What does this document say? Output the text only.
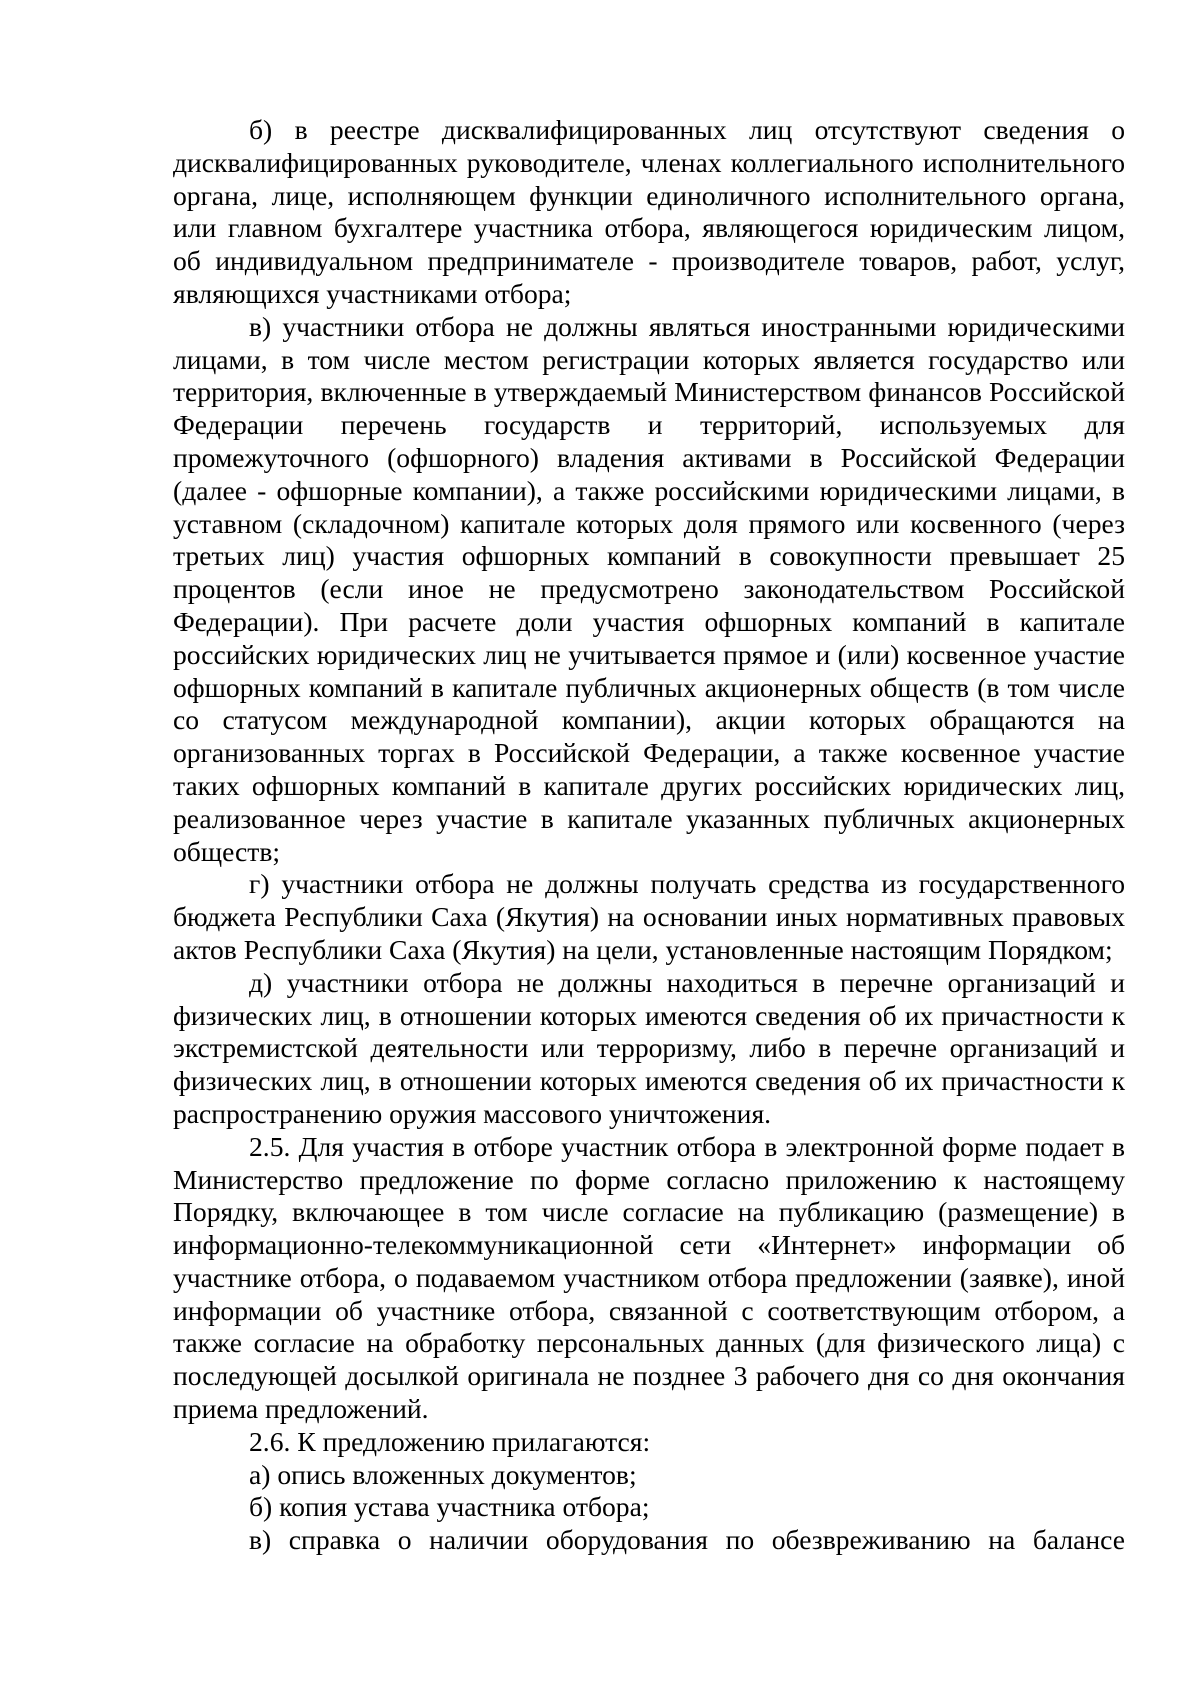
б) в реестре дисквалифицированных лиц отсутствуют сведения о дисквалифицированных руководителе, членах коллегиального исполнительного органа, лице, исполняющем функции единоличного исполнительного органа, или главном бухгалтере участника отбора, являющегося юридическим лицом, об индивидуальном предпринимателе - производителе товаров, работ, услуг, являющихся участниками отбора;

в) участники отбора не должны являться иностранными юридическими лицами, в том числе местом регистрации которых является государство или территория, включенные в утверждаемый Министерством финансов Российской Федерации перечень государств и территорий, используемых для промежуточного (офшорного) владения активами в Российской Федерации (далее - офшорные компании), а также российскими юридическими лицами, в уставном (складочном) капитале которых доля прямого или косвенного (через третьих лиц) участия офшорных компаний в совокупности превышает 25 процентов (если иное не предусмотрено законодательством Российской Федерации). При расчете доли участия офшорных компаний в капитале российских юридических лиц не учитывается прямое и (или) косвенное участие офшорных компаний в капитале публичных акционерных обществ (в том числе со статусом международной компании), акции которых обращаются на организованных торгах в Российской Федерации, а также косвенное участие таких офшорных компаний в капитале других российских юридических лиц, реализованное через участие в капитале указанных публичных акционерных обществ;

г) участники отбора не должны получать средства из государственного бюджета Республики Саха (Якутия) на основании иных нормативных правовых актов Республики Саха (Якутия) на цели, установленные настоящим Порядком;

д) участники отбора не должны находиться в перечне организаций и физических лиц, в отношении которых имеются сведения об их причастности к экстремистской деятельности или терроризму, либо в перечне организаций и физических лиц, в отношении которых имеются сведения об их причастности к распространению оружия массового уничтожения.

2.5. Для участия в отборе участник отбора в электронной форме подает в Министерство предложение по форме согласно приложению к настоящему Порядку, включающее в том числе согласие на публикацию (размещение) в информационно-телекоммуникационной сети «Интернет» информации об участнике отбора, о подаваемом участником отбора предложении (заявке), иной информации об участнике отбора, связанной с соответствующим отбором, а также согласие на обработку персональных данных (для физического лица) с последующей досылкой оригинала не позднее 3 рабочего дня со дня окончания приема предложений.

2.6. К предложению прилагаются:

а) опись вложенных документов;

б) копия устава участника отбора;

в) справка о наличии оборудования по обезвреживанию на балансе
